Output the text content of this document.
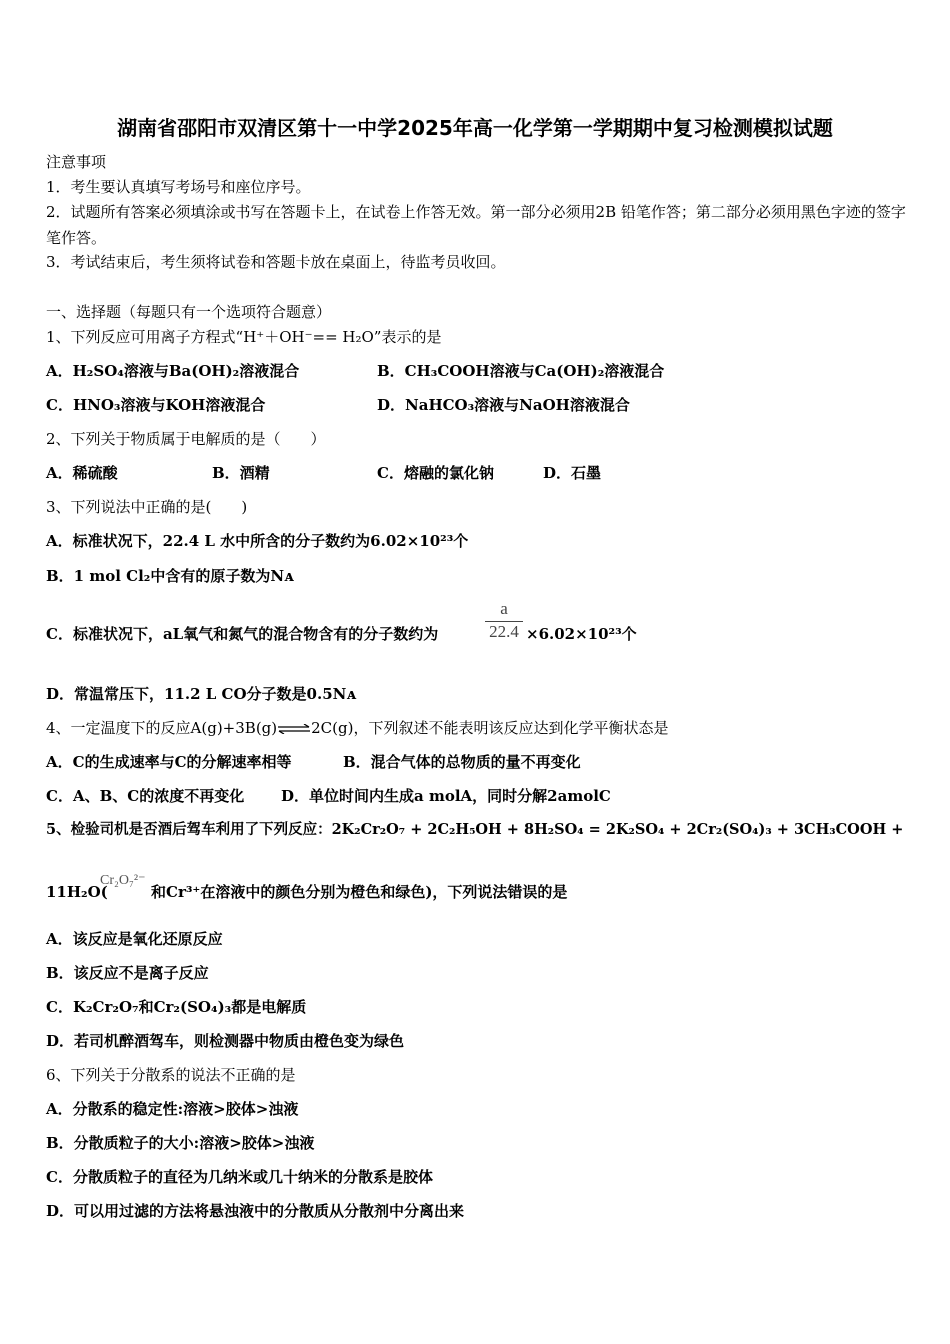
湖南省邵阳市双清区第十一中学2025年高一化学第一学期期中复习检测模拟试题
注意事项
1．考生要认真填写考场号和座位序号。
2．试题所有答案必须填涂或书写在答题卡上，在试卷上作答无效。第一部分必须用2B 铅笔作答；第二部分必须用黑色字迹的签字笔作答。
3．考试结束后，考生须将试卷和答题卡放在桌面上，待监考员收回。
一、选择题（每题只有一个选项符合题意）
1、下列反应可用离子方程式“H⁺＋OH⁻== H₂O”表示的是
A．H₂SO₄溶液与Ba(OH)₂溶液混合	B．CH₃COOH溶液与Ca(OH)₂溶液混合
C．HNO₃溶液与KOH溶液混合	D．NaHCO₃溶液与NaOH溶液混合
2、下列关于物质属于电解质的是（　　）
A．稀硫酸	B．酒精	C．熔融的氯化钠	D．石墨
3、下列说法中正确的是(　　)
A．标准状况下，22.4 L 水中所含的分子数约为6.02×10²³个
B．1 mol Cl₂中含有的原子数为Nᴀ
C．标准状况下，aL氧气和氮气的混合物含有的分子数约为
a
22.4 ×6.02×10²³个
D．常温常压下，11.2 L CO分子数是0.5Nᴀ
4、一定温度下的反应A(g)+3B(g)⇌2C(g)，下列叙述不能表明该反应达到化学平衡状态是
A．C的生成速率与C的分解速率相等	B．混合气体的总物质的量不再变化
C．A、B、C的浓度不再变化 D．单位时间内生成a molA，同时分解2amolC
5、检验司机是否酒后驾车利用了下列反应：2K₂Cr₂O₇ + 2C₂H₅OH + 8H₂SO₄ = 2K₂SO₄ + 2Cr₂(SO₄)₃ + 3CH₃COOH +
11H₂O(
Cr₂O₇²⁻
和Cr³⁺在溶液中的颜色分别为橙色和绿色)，下列说法错误的是
A．该反应是氧化还原反应
B．该反应不是离子反应
C．K₂Cr₂O₇和Cr₂(SO₄)₃都是电解质
D．若司机醉酒驾车，则检测器中物质由橙色变为绿色
6、下列关于分散系的说法不正确的是
A．分散系的稳定性:溶液>胶体>浊液
B．分散质粒子的大小:溶液>胶体>浊液
C．分散质粒子的直径为几纳米或几十纳米的分散系是胶体
D．可以用过滤的方法将悬浊液中的分散质从分散剂中分离出来
